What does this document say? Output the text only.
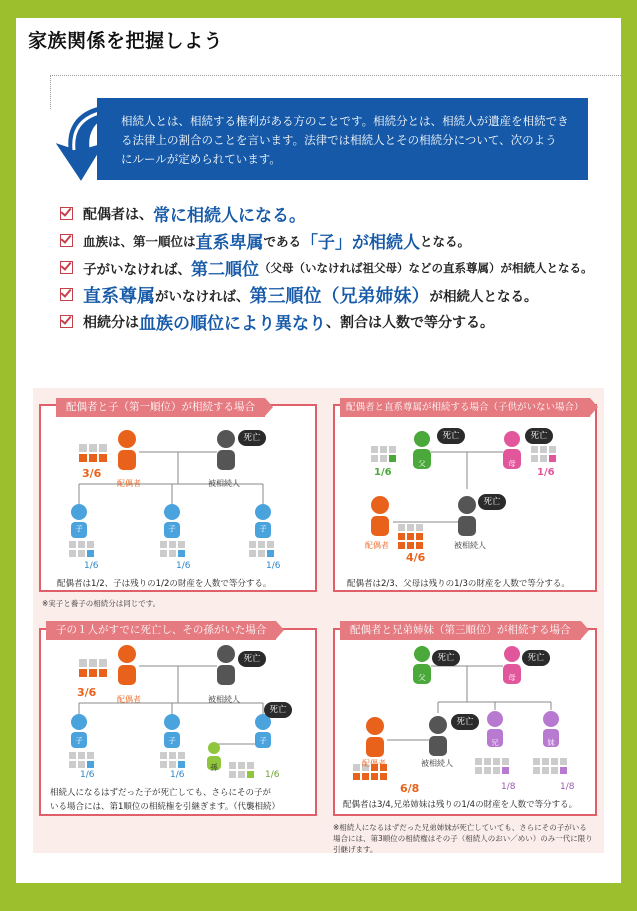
家族関係を把握しよう
相続人とは、相続する権利がある方のことです。相続分とは、相続人が遺産を相続でき
る法律上の割合のことを言います。法律では相続人とその相続分について、次のよう
にルールが定められています。
配偶者は、 常に相続人になる。
血族は、第一順位は 直系卑属 である 「子」が相続人 となる。
子がいなければ、 第二順位 （父母（いなければ祖父母）などの直系尊属）が相続人となる。
直系尊属 がいなければ、 第三順位（兄弟姉妹） が相続人となる。
相続分は 血族の順位により異なり 、割合は人数で等分する。
配偶者と子（第一順位）が相続する場合
死亡
3/6
配偶者	被相続人
子	子	子
1/6	1/6	1/6
配偶者は1/2、子は残りの1/2の財産を人数で等分する。
※実子と養子の相続分は同じです。
配偶者と直系尊属が相続する場合（子供がいない場合）
父	母
死亡	死亡
1/6	1/6
死亡
配偶者
4/6
被相続人
配偶者は2/3、父母は残りの1/3の財産を人数で等分する。
子の１人がすでに死亡し、その孫がいた場合
死亡
3/6
配偶者	被相続人
死亡
子	子	子
孫
1/6	1/6	1/6
相続人になるはずだった子が死亡しても、さらにその子が
いる場合には、第1順位の相続権を引継ぎます。（代襲相続）
配偶者と兄弟姉妹（第三順位）が相続する場合
父	母
死亡	死亡
死亡
兄	妹
配偶者	被相続人
6/8	1/8	1/8
配偶者は3/4,兄弟姉妹は残りの1/4の財産を人数で等分する。
※相続人になるはずだった兄弟姉妹が死亡していても、さらにその子がいる
場合には、第3順位の相続権はその子（相続人のおい／めい）のみ一代に限り
引継げます。
